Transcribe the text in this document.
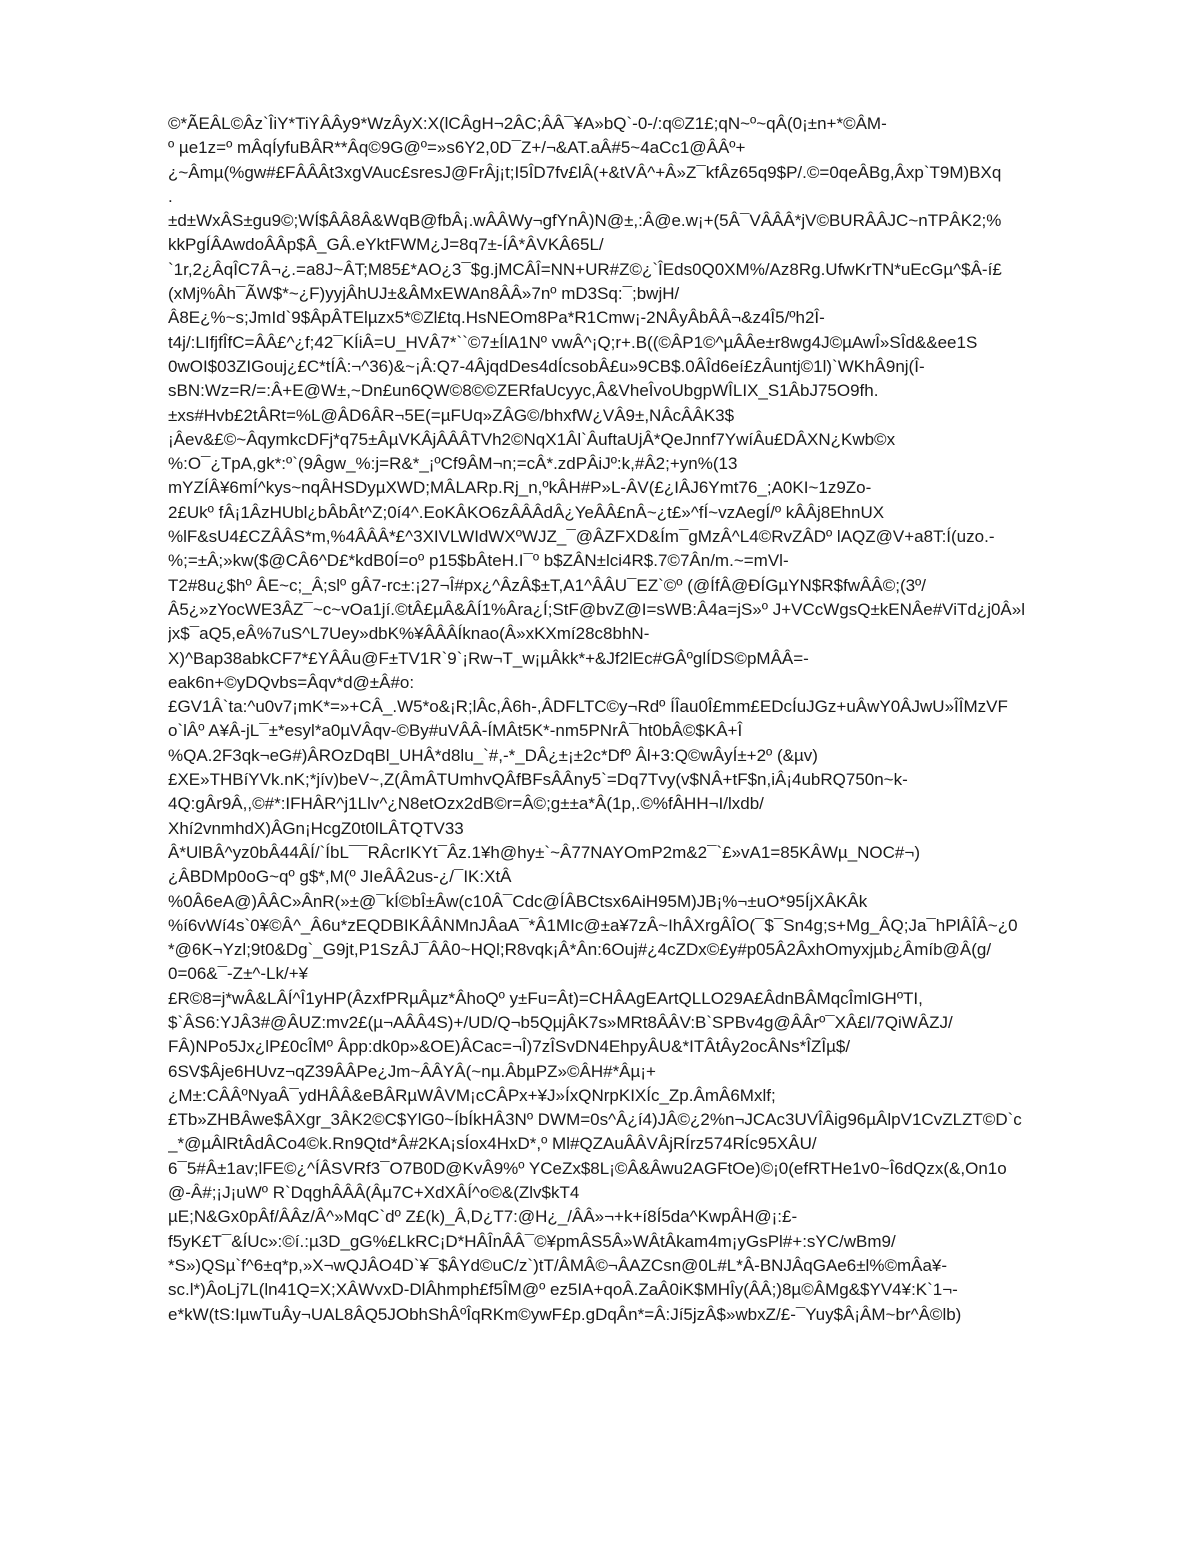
©*ÃEÂL©Âz`ÎiY*TiYÂÂy9*WzÂyX:X(lCÂgH¬2ÂC;ÂÂ¯¥A»bQ`-0-/:q©Z1£;qN~º~qÂ(0¡±n+*©ÂM-
º µe1z=º mÂqÍyfuBÂR**Âq©9G@º=»s6Y2,0D¯Z+/¬&AT.aÂ#5~4aCc1@ÂÂº+
¿~Âmµ(%gw#£FÂÂÂt3xgVAuc£sresJ@FrÂj¡t;I5ÎD7fv£lÂ(+&tVÂ^+Â»Z¯kfÂz65q9$P/.©=0qeÂBg,Âxp`T9M)BXq
.
±d±WxÂS±gu9©;WÍ$ÂÂ8Â&WqB@fbÂ¡.wÂÂWy¬gfYnÂ)N@±,:Â@e.w¡+(5Â¯VÂÂÂ*jV©BURÂÂJC~nTPÂK2;%
kkPgÍÂAwdoÂÂp$Â_GÂ.eYktFWM¿J=8q7±-ÍÂ*ÂVKÂ65L/
`1r,2¿ÂqÎC7Â¬¿.=a8J~ÂT;M85£*AO¿3¯$g.jMCÂÎ=NN+UR#Z©¿`ÎEds0Q0XM%/Az8Rg.UfwKrTN*uEcGµ^$Â-í£
(xMj%Âh¯ÃW$*~¿F)yyjÂhUJ±&ÂMxEWAn8ÂÂ»7nº mD3Sq:¯;bwjH/
Â8E¿%~s;JmId`9$ÂpÂTElµzx5*©Zl£tq.HsNEOm8Pa*R1Cmw¡-2NÂyÂbÂÂ¬&z4Î5/ºh2Î-
t4j/:LIfjfÎfC=ÂÂ£^¿f;42¯KÍiÂ=U_HVÂ7*``©7±ÍlA1Nº vwÂ^¡Q;r+.B((©ÂP1©^µÂÂe±r8wg4J©µAwÎ»SÎd&&ee1S
0wOI$03ZIGouj¿£C*tÍÂ:¬^36)&~¡Â:Q7-4ÂjqdDes4dÍcsobÂ£u»9CB$.0ÂÎd6eí£zÂuntj©1l)`WKhÂ9nj(Î-
sBN:Wz=R/=:Â+E@W±,~Dn£un6QW©8©©ZERfaUcyyc,Â&VheÎvoUbgpWÎLIX_S1ÂbJ75O9fh.
±xs#Hvb£2tÂRt=%L@ÂD6ÂR¬5E(=µFUq»ZÂG©/bhxfW¿VÂ9±,NÂcÂÂK3$
¡Âev&£©~ÂqymkcDFj*q75±ÂµVKÂjÂÂÂTVh2©NqX1Âl`ÂuftaUjÂ*QeJnnf7YwíÂu£DÂXN¿Kwb©x
%:O¯¿TpA,gk*:º`(9Âgw_%:j=R&*_¡ºCf9ÂM¬n;=cÂ*.zdPÂiJº:k,#Â2;+yn%(13
mYZÍÂ¥6mÍ^kys~nqÂHSDyµXWD;MÂLARp.Rj_n,ºkÂH#P»L-ÂV(£¿IÂJ6Ymt76_;A0KI~1z9Zo-
2£Ukº fÂ¡1ÂzHUbl¿bÂbÂt^Z;0í4^.EoKÂKO6zÂÂÂdÂ¿YeÂÂ£nÂ~¿t£»^fÍ~vzAegÍ/º kÂÂj8EhnUX
%lF&sU4£CZÂÂS*m,%4ÂÂÂ*£^3XIVLWIdWXºWJZ_¯@ÂZFXD&Ím¯gMzÂ^L4©RvZÂDº lAQZ@V+a8T:Í(uzo.-
%;=±Â;»kw($@CÂ6^D£*kdB0Í=oº p15$bÂteH.I¯º b$ZÂN±lci4R$.7©7Ân/m.~=mVl-
T2#8u¿$hº ÂE~c;_Â;slº gÂ7-rc±:¡27¬Î#px¿^ÂzÂ$±T,A1^ÂÂU¯EZ`©º (@ÍfÂ@ÐÍGµYN$R$fwÂÂ©;(3º/
Â5¿»zYocWE3ÂZ¯~c~vOa1jí.©tÂ£µÂ&ÂÍ1%Âra¿Í;StF@bvZ@I=sWB:Â4a=jS»º J+VCcWgsQ±kENÂe#ViTd¿j0Â»l
jx$¯aQ5,eÂ%7uS^L7Uey»dbK%¥ÂÂÂÍknao(Â»xKXmí28c8bhN-
X)^Bap38abkCF7*£YÂÂu@F±TV1R`9`¡Rw¬T_w¡µÂkk*+&Jf2lEc#GÂºglÍDS©pMÂÂ=-
eak6n+©yDQvbs=Âqv*d@±Â#o:
£GV1Â`ta:^u0v7¡mK*=»+CÂ_.W5*o&¡R;lÂc,Â6h-,ÂDFLTC©y¬Rdº ÍÎau0Î£mm£EDcÍuJGz+uÂwY0ÂJwU»ÎÎMzVF
o`lÂº A¥Â-jL¯±*esyl*a0µVÂqv-©By#uVÂÂ-ÍMÂt5K*-nm5PNrÂ¯ht0bÂ©$KÂ+Î
%QA.2F3qk¬eG#)ÂROzDqBl_UHÂ*d8lu_`#,-*_DÂ¿±¡±2c*Dfº Âl+3:Q©wÂyÍ±+2º (&µv)
£XE»THBíYVk.nK;*jív)beV~,Z(ÂmÂTUmhvQÂfBFsÂÂny5`=Dq7Tvy(v$NÂ+tF$n,iÂ¡4ubRQ750n~k-
4Q:gÂr9Â,,©#*:IFHÂR^j1Llv^¿N8etOzx2dB©r=Â©;g±±a*Â(1p,.©%fÂHH¬I/lxdb/
Xhí2vnmhdX)ÂGn¡HcgZ0t0lLÂTQTV33
Â*UlBÂ^yz0bÂ44ÂÍ/`ÍbL¯¯RÂcrIKYt¯Âz.1¥h@hy±`~Â77NAYOmP2m&2¯`£»vA1=85KÂWµ_NOC#¬)
¿ÂBDMp0oG~qº g$*,M(º JIeÂÂ2us-¿/¯IK:XtÂ
%0Â6eA@)ÂÂC»ÂnR(»±@¯kÍ©bÎ±Âw(c10Â¯Cdc@ÍÂBCtsx6AiH95M)JB¡%¬±uO*95ÍjXÂKÂk
%í6vWí4s`0¥©Â^_Â6u*zEQDBIKÂÂNMnJÂaA¯*Â1MIc@±a¥7zÂ~IhÂXrgÂÎO(¯$¯Sn4g;s+Mg_ÂQ;Ja¯hPlÂÎÂ~¿0
*@6K¬Yzl;9t0&Dg`_G9jt,P1SzÂJ¯ÂÂ0~HQl;R8vqk¡Â*Ân:6Ouj#¿4cZDx©£y#p05Â2ÂxhOmyxjµb¿Âmíb@Â(g/
0=06&¯-Z±^-Lk/+¥
£R©8=j*wÂ&LÂÍ^Î1yHP(ÂzxfPRµÂµz*ÂhoQº y±Fu=Ât)=CHÂAgEArtQLLO29A£ÂdnBÂMqcÎmlGHºTI,
$`ÂS6:YJÂ3#@ÂUZ:mv2£(µ¬AÂÂ4S)+/UD/Q¬b5QµjÂK7s»MRt8ÂÂV:B`SPBv4g@ÂÂrº¯XÂ£l/7QiWÂZJ/
FÂ)NPo5Jx¿lP£0cÎMº Âpp:dk0p»&OE)ÂCac=¬Î)7zÎSvDN4EhpyÂU&*ITÂtÂy2ocÂNs*ÎZÎµ$/
6SV$Âje6HUvz¬qZ39ÂÂPe¿Jm~ÂÂYÂ(~nµ.ÂbµPZ»©ÂH#*Âµ¡+
¿M±:CÂÂºNyaÂ¯ydHÂÂ&eBÂRµWÂVM¡cCÂPx+¥J»ÍxQNrpKIXÍc_Zp.ÂmÂ6Mxlf;
£Tb»ZHBÂwe$ÂXgr_3ÂK2©C$YlG0~ÍbÍkHÂ3Nº DWM=0s^Â¿í4)JÂ©¿2%n¬JCAc3UVÎÂig96µÂlpV1CvZLZT©D`c
_*@µÂlRtÂdÂCo4©k.Rn9Qtd*Â#2KA¡sÍox4HxD*,º Ml#QZAuÂÂVÂjRÍrz574RÍc95XÂU/
6¯5#Â±1av;lFE©¿^ÍÂSVRf3¯O7B0D@KvÂ9%º YCeZx$8L¡©Â&Âwu2AGFtOe)©¡0(efRTHe1v0~Î6dQzx(&,On1o
@-Â#;¡J¡uWº R`DqghÂÂÂ(Âµ7C+XdXÂÍ^o©&(Zlv$kT4
µE;N&Gx0pÂf/ÂÂz/Â^»MqC`dº Z£(k)_Â,D¿T7:@H¿_/ÂÂ»¬+k+í8Í5da^KwpÂH@¡:£-
f5yK£T¯&ÍUc»:©í.:µ3D_gG%£LkRC¡D*HÂÎnÂÂ¯©¥pmÂS5Â»WÂtÂkam4m¡yGsPl#+:sYC/wBm9/
*S»)QSµ`f^6±q*p,»X¬wQJÂO4D`¥¯$ÂYd©uC/z`)tT/ÂMÂ©¬ÂAZCsn@0L#L*Â-BNJÂqGAe6±l%©mÂa¥-
sc.l*)ÂoLj7L(ln41Q=X;XÂWvxD-DlÂhmph£f5ÎM@º ez5IA+qoÂ.ZaÂ0iK$MHÎy(ÂÂ;)8µ©ÂMg&$YV4¥:K`1¬-
e*kW(tS:IµwTuÂy¬UAL8ÂQ5JObhShÂºÎqRKm©ywF£p.gDqÂn*=Â:Jí5jzÂ$»wbxZ/£-¯Yuy$Â¡ÂM~br^Â©lb)
